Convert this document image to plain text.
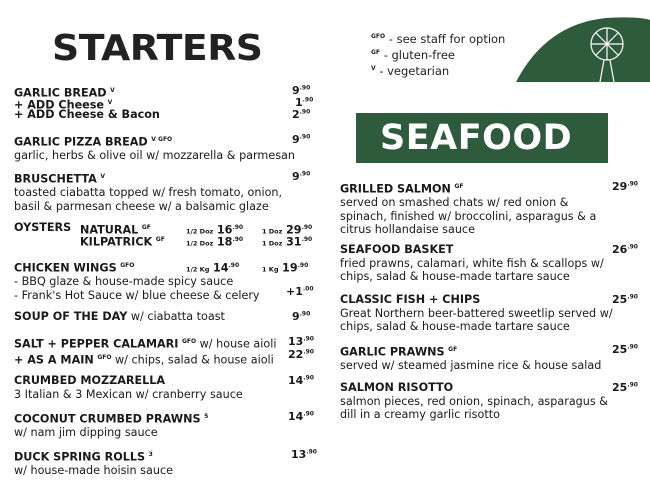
STARTERS	$^{GFO}$ - see staff for option
$^{GF}$ - gluten-free
$^V$ - vegetarian
SEAFOOD
GARLIC BREAD $^V$	$9^{.90}$
+ ADD Cheese $^V$	$1^{.90}$
+ ADD Cheese & Bacon	$2^{.90}$
GARLIC PIZZA BREAD $^{V GFO}$
garlic, herbs & olive oil w/ mozzarella & parmesan
$9^{.90}$
BRUSCHETTA $^V$
toasted ciabatta topped w/ fresh tomato, onion, basil & parmesan cheese w/ a balsamic glaze
$9^{.90}$
OYSTERS NATURAL $^{GF}$
1/2 Doz $16^{.90}$
1 Doz $29^{.90}$
KILPATRICK $^{GF}$
1/2 Doz $18^{.90}$
1 Doz $31^{.90}$
CHICKEN WINGS $^{GFO}$
- BBQ glaze & house-made spicy sauce
- Frank's Hot Sauce w/ blue cheese & celery
1/2 Kg $14^{.90}$
1 Kg $19^{.90}$
$+1^{.00}$
SOUP OF THE DAY w/ ciabatta toast	$9^{.90}$
SALT + PEPPER CALAMARI $^{GFO}$ w/ house aioli
+ AS A MAIN $^{GFO}$ w/ chips, salad & house aioli
$13^{.90}$
$22^{.90}$
CRUMBED MOZZARELLA
3 Italian & 3 Mexican w/ cranberry sauce
$14^{.90}$
COCONUT CRUMBED PRAWNS $^5$
w/ nam jim dipping sauce
$14^{.90}$
DUCK SPRING ROLLS $^3$
w/ house-made hoisin sauce
$13^{.90}$
GRILLED SALMON $^{GF}$
served on smashed chats w/ red onion & spinach, finished w/ broccolini, asparagus & a citrus hollandaise sauce
$29^{.90}$
SEAFOOD BASKET
fried prawns, calamari, white fish & scallops w/ chips, salad & house-made tartare sauce
$26^{.90}$
CLASSIC FISH + CHIPS
Great Northern beer-battered sweetlip served w/ chips, salad & house-made tartare sauce
$25^{.90}$
GARLIC PRAWNS $^{GF}$
served w/ steamed jasmine rice & house salad
$25^{.90}$
SALMON RISOTTO
salmon pieces, red onion, spinach, asparagus & dill in a creamy garlic risotto
$25^{.90}$
